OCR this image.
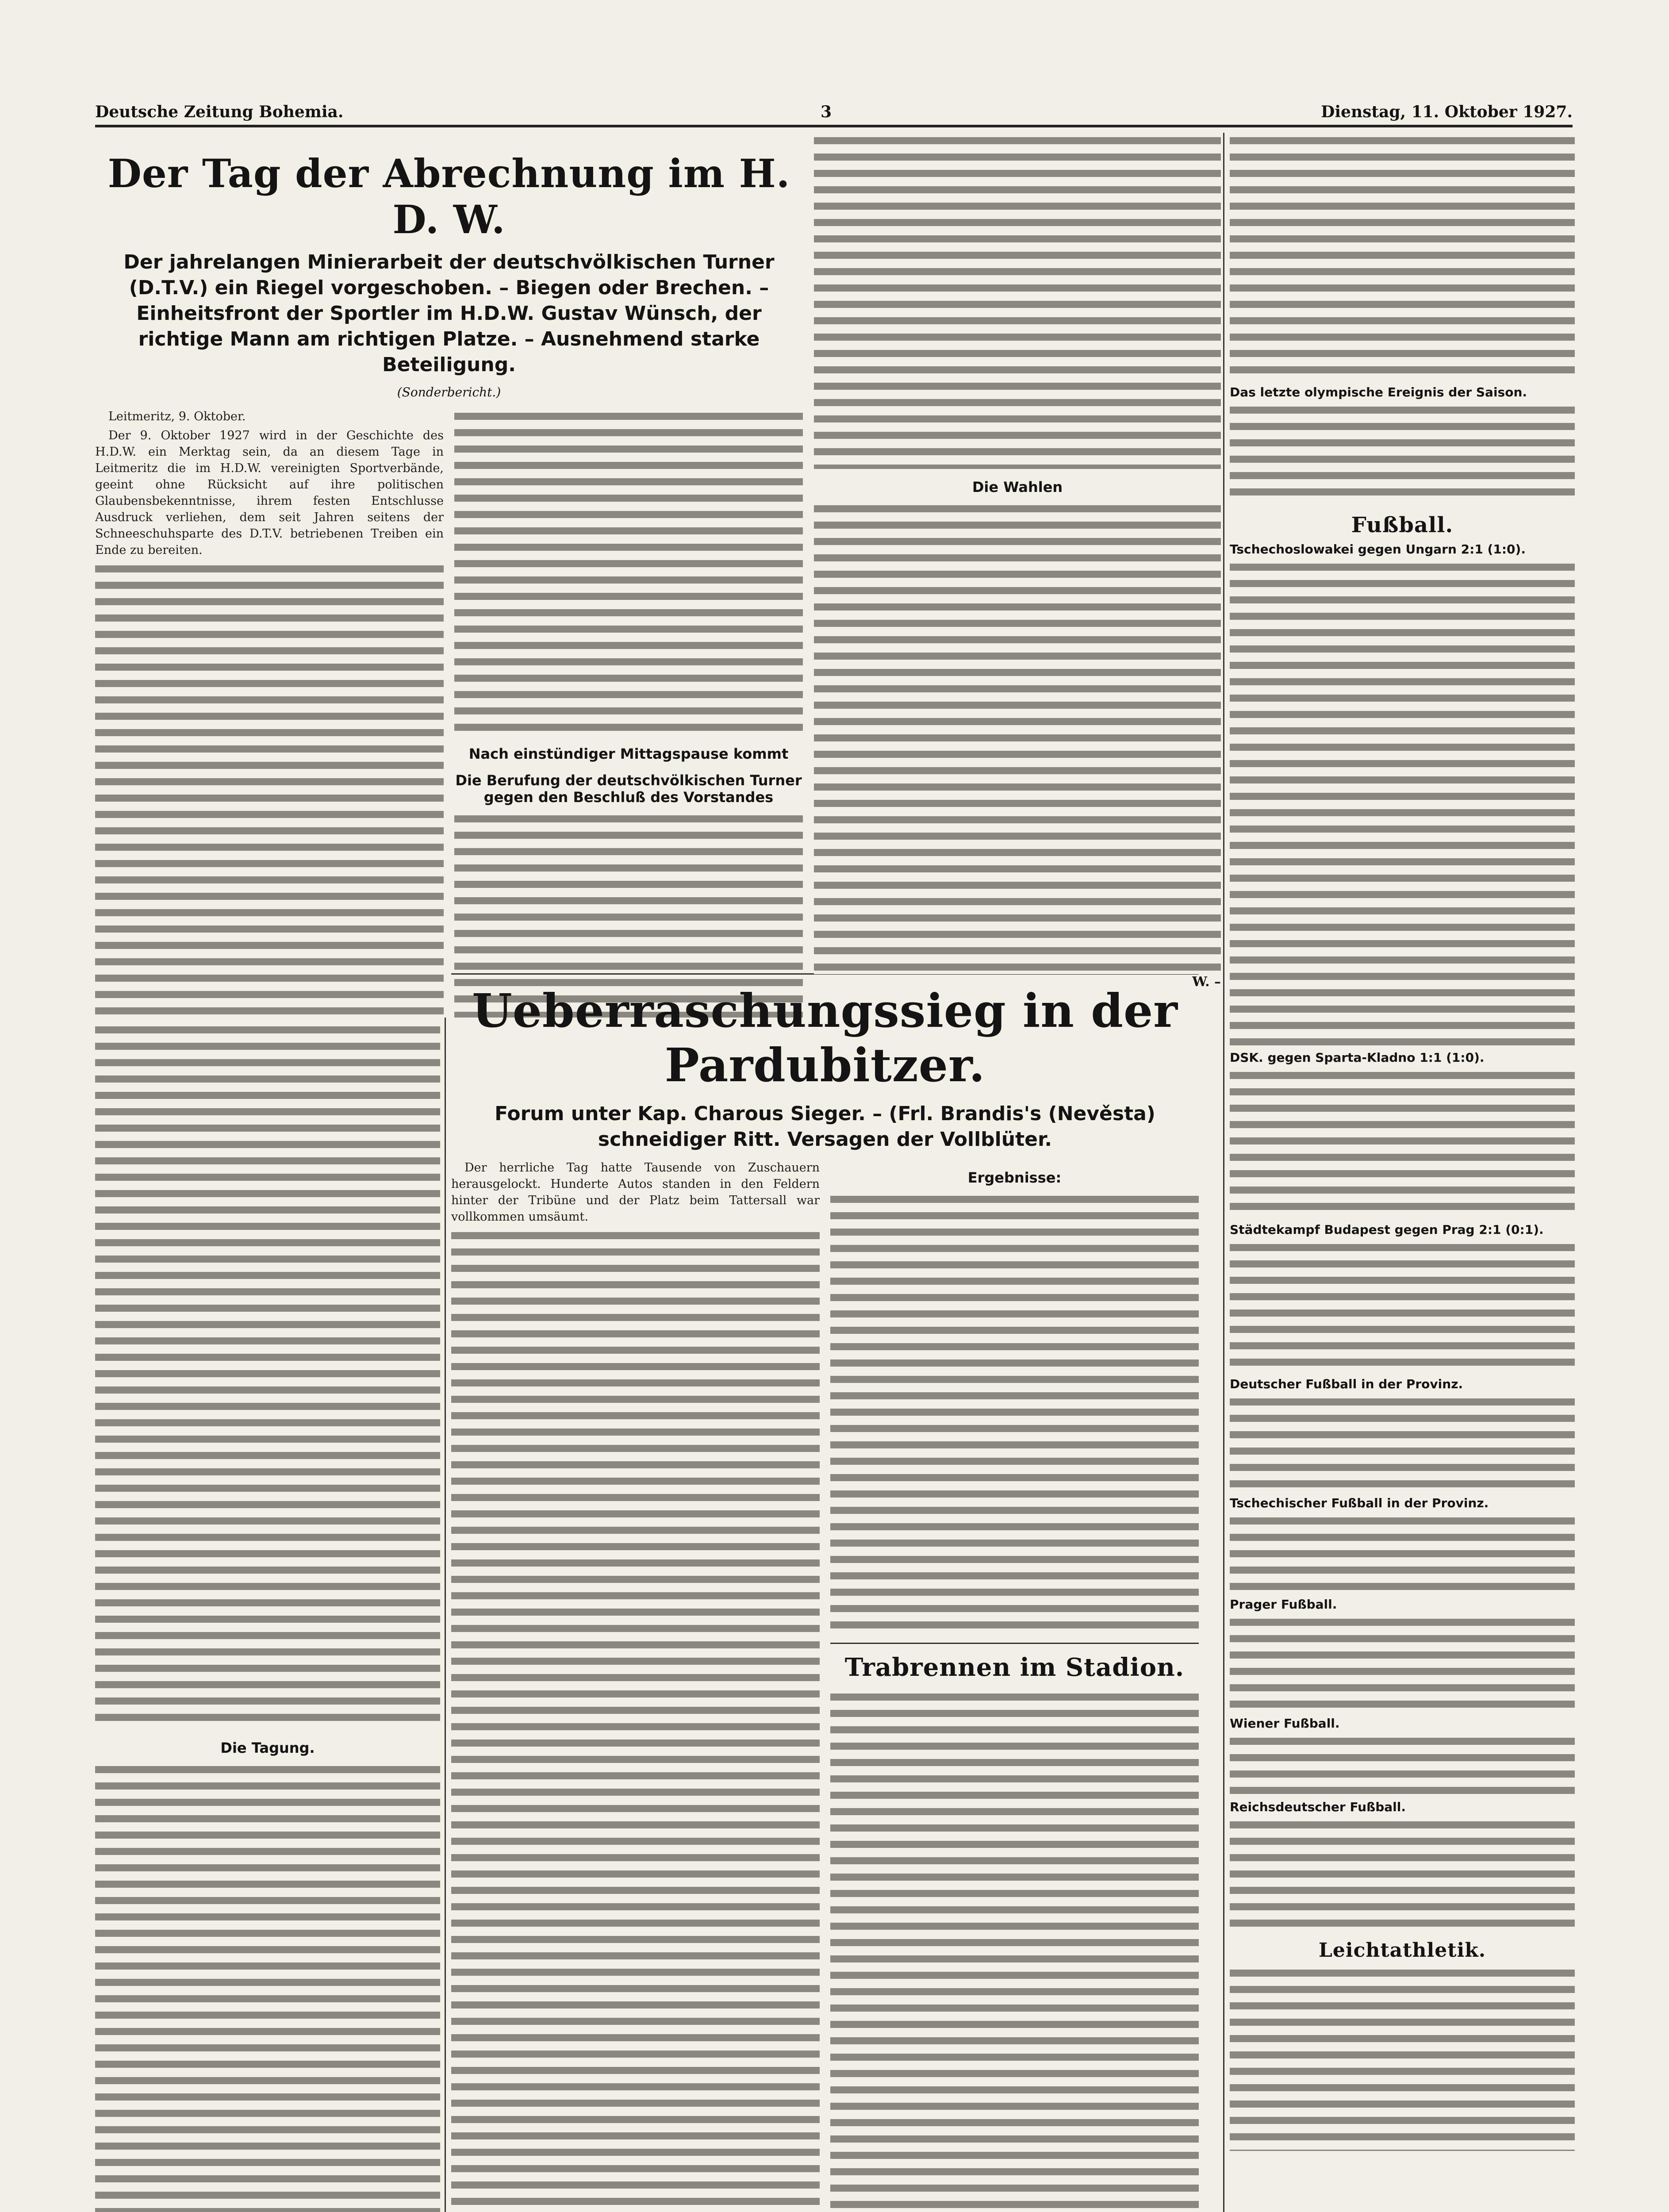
Deutsche Zeitung Bohemia.	3	Dienstag, 11. Oktober 1927.
Der Tag der Abrechnung im H. D. W.
Der jahrelangen Minierarbeit der deutschvölkischen Turner (D.T.V.) ein Riegel vorgeschoben. – Biegen oder Brechen. – Einheitsfront der Sportler im H.D.W. Gustav Wünsch, der richtige Mann am richtigen Platze. – Ausnehmend starke Beteiligung.
(Sonderbericht.)

Leitmeritz, 9. Oktober.

Der 9. Oktober 1927 wird in der Geschichte des H.D.W. ein Merktag sein, da an diesem Tage in Leitmeritz die im H.D.W. vereinigten Sportverbände, geeint ohne Rücksicht auf ihre politischen Glaubensbekenntnisse, ihrem festen Entschlusse Ausdruck verliehen, dem seit Jahren seitens der Schneeschuhsparte des D.T.V. betriebenen Treiben ein Ende zu bereiten.

Nach einstündiger Mittagspause kommt
Die Berufung der deutschvölkischen Turner gegen den Beschluß des Vorstandes
Die Tagung.
Ueberraschungssieg in der Pardubitzer.
Forum unter Kap. Charous Sieger. – (Frl. Brandis's (Nevěsta) schneidiger Ritt. Versagen der Vollblüter.

Der herrliche Tag hatte Tausende von Zuschauern herausgelockt. Hunderte Autos standen in den Feldern hinter der Tribüne und der Platz beim Tattersall war vollkommen umsäumt.

Ergebnisse:
Trabrennen im Stadion.
Die Wahlen
W. –
Das letzte olympische Ereignis der Saison.
Fußball.
Tschechoslowakei gegen Ungarn 2:1 (1:0).
DSK. gegen Sparta-Kladno 1:1 (1:0).
Städtekampf Budapest gegen Prag 2:1 (0:1).
Deutscher Fußball in der Provinz.
Tschechischer Fußball in der Provinz.
Prager Fußball.
Wiener Fußball.
Reichsdeutscher Fußball.
Leichtathletik.
